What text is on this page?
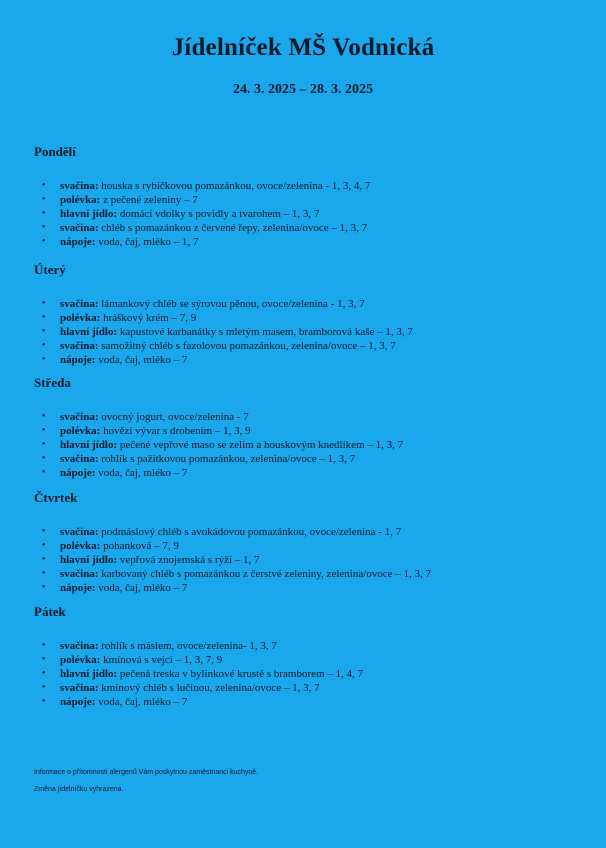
Jídelníček MŠ Vodnická
24. 3. 2025 – 28. 3. 2025
Pondělí
• svačina: houska s rybičkovou pomazánkou, ovoce/zelenina - 1, 3, 4, 7
• polévka: z pečené zeleniny – 7
• hlavní jídlo: domácí vdolky s povidly a tvarohem – 1, 3, 7
• svačina: chléb s pomazánkou z červené řepy, zelenina/ovoce – 1, 3, 7
• nápoje: voda, čaj, mléko – 1, 7
Úterý
• svačina: lámankový chléb se sýrovou pěnou, ovoce/zelenina - 1, 3, 7
• polévka: hráškový krém – 7, 9
• hlavní jídlo: kapustové karbanátky s mletým masem, bramborová kaše – 1, 3, 7
• svačina: samožitný chléb s fazolovou pomazánkou, zelenina/ovoce – 1, 3, 7
• nápoje: voda, čaj, mléko – 7
Středa
• svačina: ovocný jogurt, ovoce/zelenina - 7
• polévka: hovězí vývar s drobením – 1, 3, 9
• hlavní jídlo: pečené vepřové maso se zelím a houskovým knedlíkem – 1, 3, 7
• svačina: rohlík s pažitkovou pomazánkou, zelenina/ovoce – 1, 3, 7
• nápoje: voda, čaj, mléko – 7
Čtvrtek
• svačina: podmáslový chléb s avokádovou pomazánkou, ovoce/zelenina - 1, 7
• polévka: pohanková – 7, 9
• hlavní jídlo: vepřová znojemská s rýží – 1, 7
• svačina: karbovaný chléb s pomazánkou z čerstvé zeleniny, zelenina/ovoce – 1, 3, 7
• nápoje: voda, čaj, mléko – 7
Pátek
• svačina: rohlík s máslem, ovoce/zelenina- 1, 3, 7
• polévka: kmínová s vejci – 1, 3, 7, 9
• hlavní jídlo: pečená treska v bylinkové krustě s bramborem – 1, 4, 7
• svačina: kmínový chléb s lučinou, zelenina/ovoce – 1, 3, 7
• nápoje: voda, čaj, mléko – 7
Informace o přítomnosti alergenů Vám poskytnou zaměstnanci kuchyně.
Změna jídelníčku vyhrazena.
